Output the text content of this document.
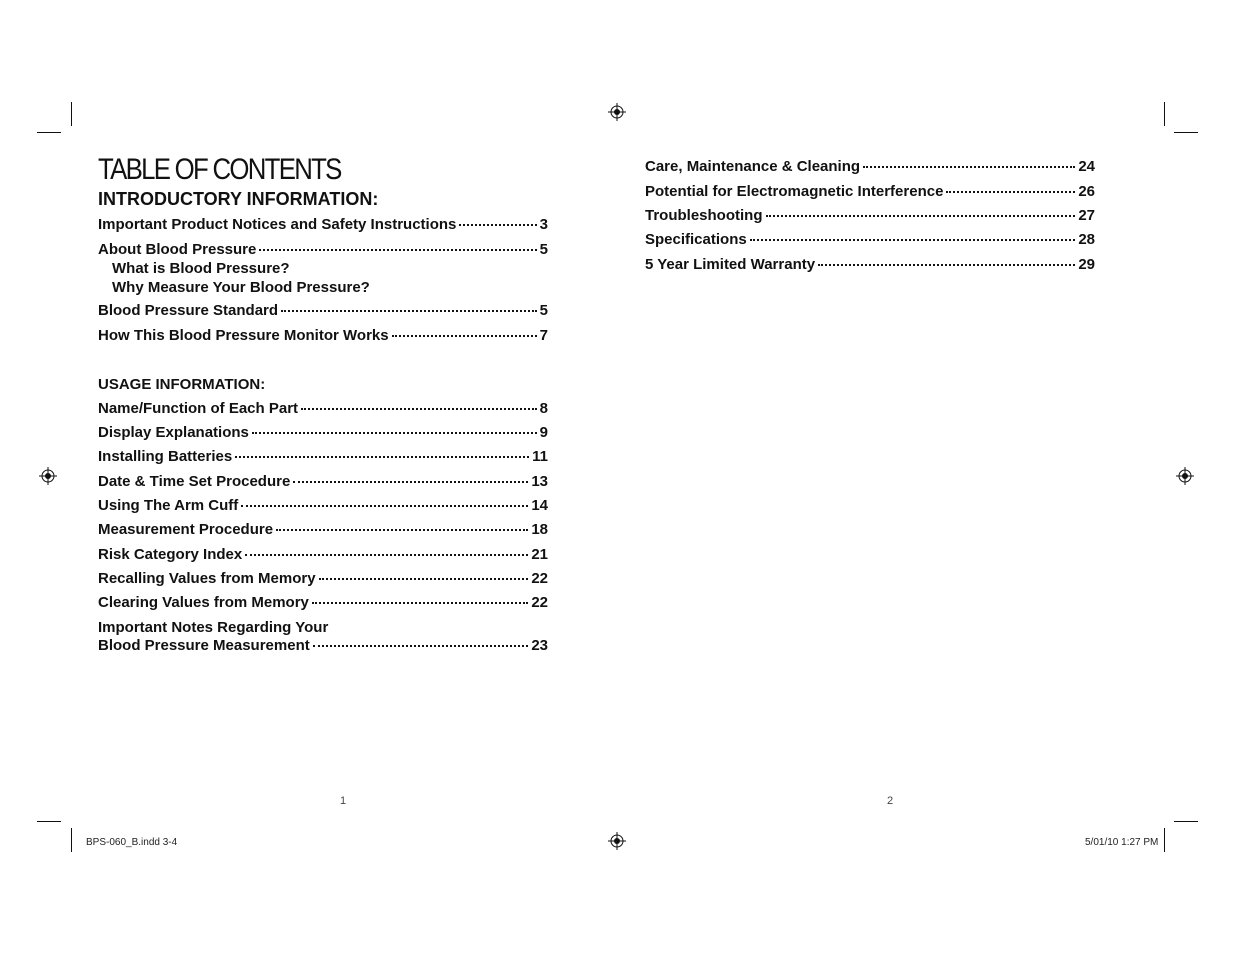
TABLE OF CONTENTS
INTRODUCTORY INFORMATION:
Important Product Notices and Safety Instructions	3
About Blood Pressure	5
What is Blood Pressure?
Why Measure Your Blood Pressure?
Blood Pressure Standard	5
How This Blood Pressure Monitor Works	7
USAGE INFORMATION:
Name/Function of Each Part	8
Display Explanations	9
Installing Batteries	11
Date & Time Set Procedure	13
Using The Arm Cuff	14
Measurement Procedure	18
Risk Category Index	21
Recalling Values from Memory	22
Clearing Values from Memory	22
Important Notes Regarding Your
Blood Pressure Measurement	23
Care, Maintenance & Cleaning	24
Potential for Electromagnetic Interference	26
Troubleshooting	27
Specifications	28
5 Year Limited Warranty	29
1	2
BPS-060_B.indd 3-4	5/01/10 1:27 PM
